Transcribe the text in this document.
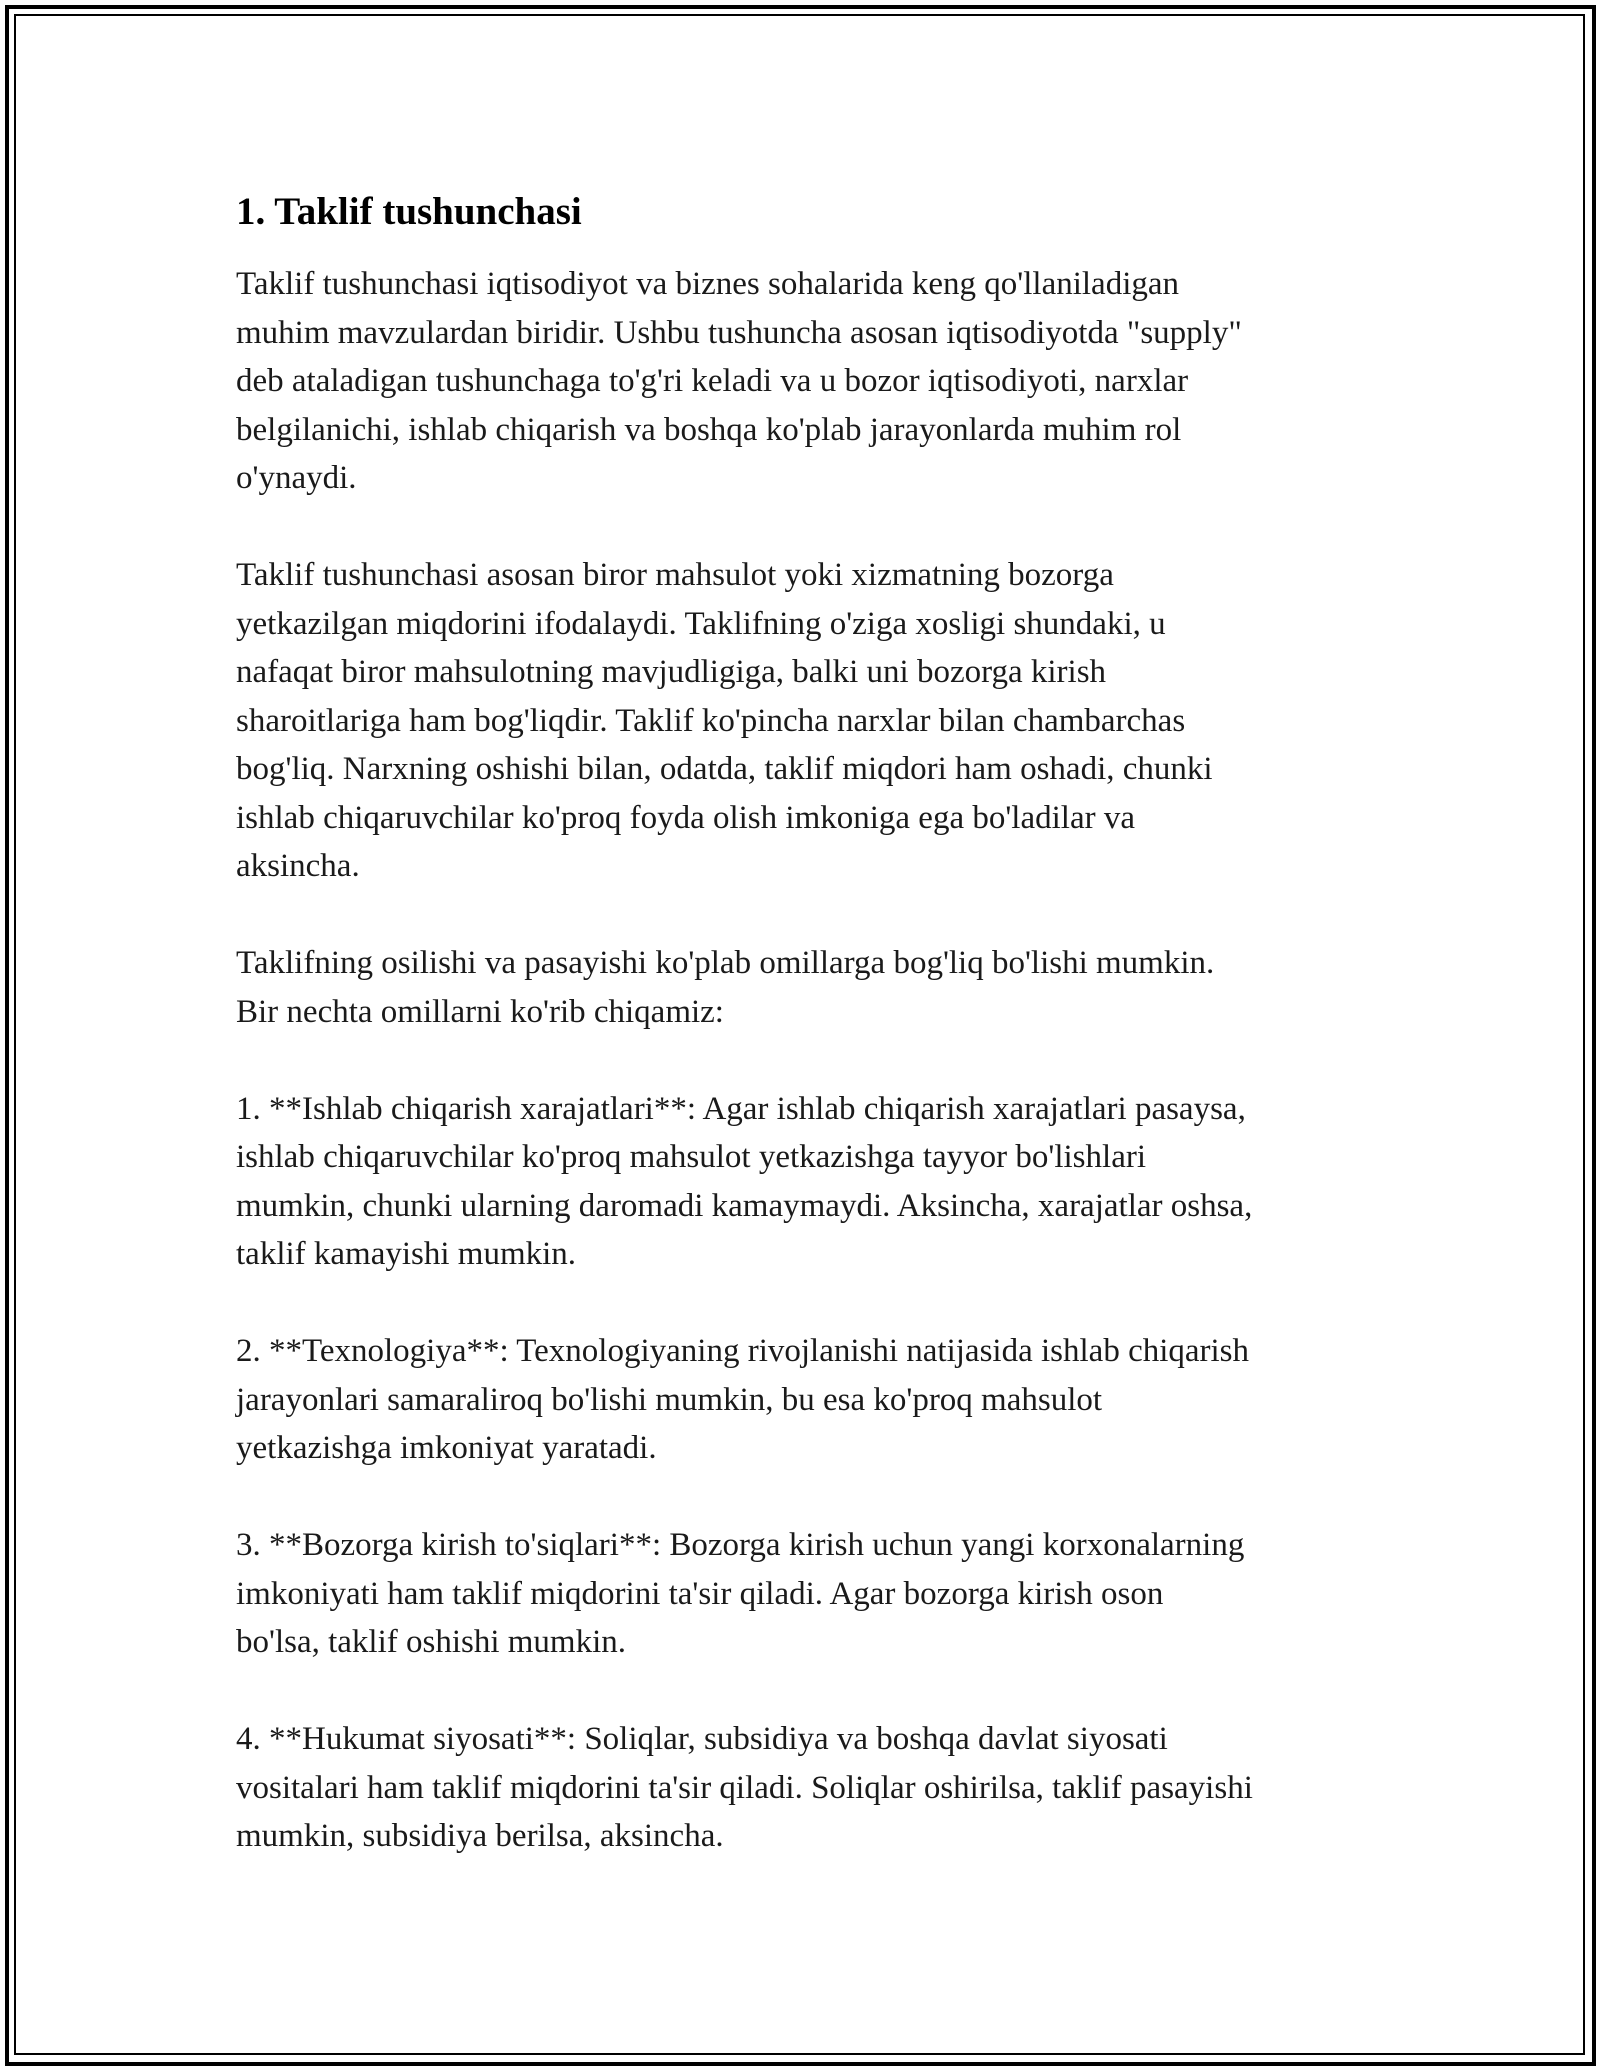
1. Taklif tushunchasi

Taklif tushunchasi iqtisodiyot va biznes sohalarida keng qo'llaniladigan
muhim mavzulardan biridir. Ushbu tushuncha asosan iqtisodiyotda "supply"
deb ataladigan tushunchaga to'g'ri keladi va u bozor iqtisodiyoti, narxlar
belgilanichi, ishlab chiqarish va boshqa ko'plab jarayonlarda muhim rol
o'ynaydi.

Taklif tushunchasi asosan biror mahsulot yoki xizmatning bozorga
yetkazilgan miqdorini ifodalaydi. Taklifning o'ziga xosligi shundaki, u
nafaqat biror mahsulotning mavjudligiga, balki uni bozorga kirish
sharoitlariga ham bog'liqdir. Taklif ko'pincha narxlar bilan chambarchas
bog'liq. Narxning oshishi bilan, odatda, taklif miqdori ham oshadi, chunki
ishlab chiqaruvchilar ko'proq foyda olish imkoniga ega bo'ladilar va
aksincha.

Taklifning osilishi va pasayishi ko'plab omillarga bog'liq bo'lishi mumkin.
Bir nechta omillarni ko'rib chiqamiz:

1. **Ishlab chiqarish xarajatlari**: Agar ishlab chiqarish xarajatlari pasaysa,
ishlab chiqaruvchilar ko'proq mahsulot yetkazishga tayyor bo'lishlari
mumkin, chunki ularning daromadi kamaymaydi. Aksincha, xarajatlar oshsa,
taklif kamayishi mumkin.

2. **Texnologiya**: Texnologiyaning rivojlanishi natijasida ishlab chiqarish
jarayonlari samaraliroq bo'lishi mumkin, bu esa ko'proq mahsulot
yetkazishga imkoniyat yaratadi.

3. **Bozorga kirish to'siqlari**: Bozorga kirish uchun yangi korxonalarning
imkoniyati ham taklif miqdorini ta'sir qiladi. Agar bozorga kirish oson
bo'lsa, taklif oshishi mumkin.

4. **Hukumat siyosati**: Soliqlar, subsidiya va boshqa davlat siyosati
vositalari ham taklif miqdorini ta'sir qiladi. Soliqlar oshirilsa, taklif pasayishi
mumkin, subsidiya berilsa, aksincha.
